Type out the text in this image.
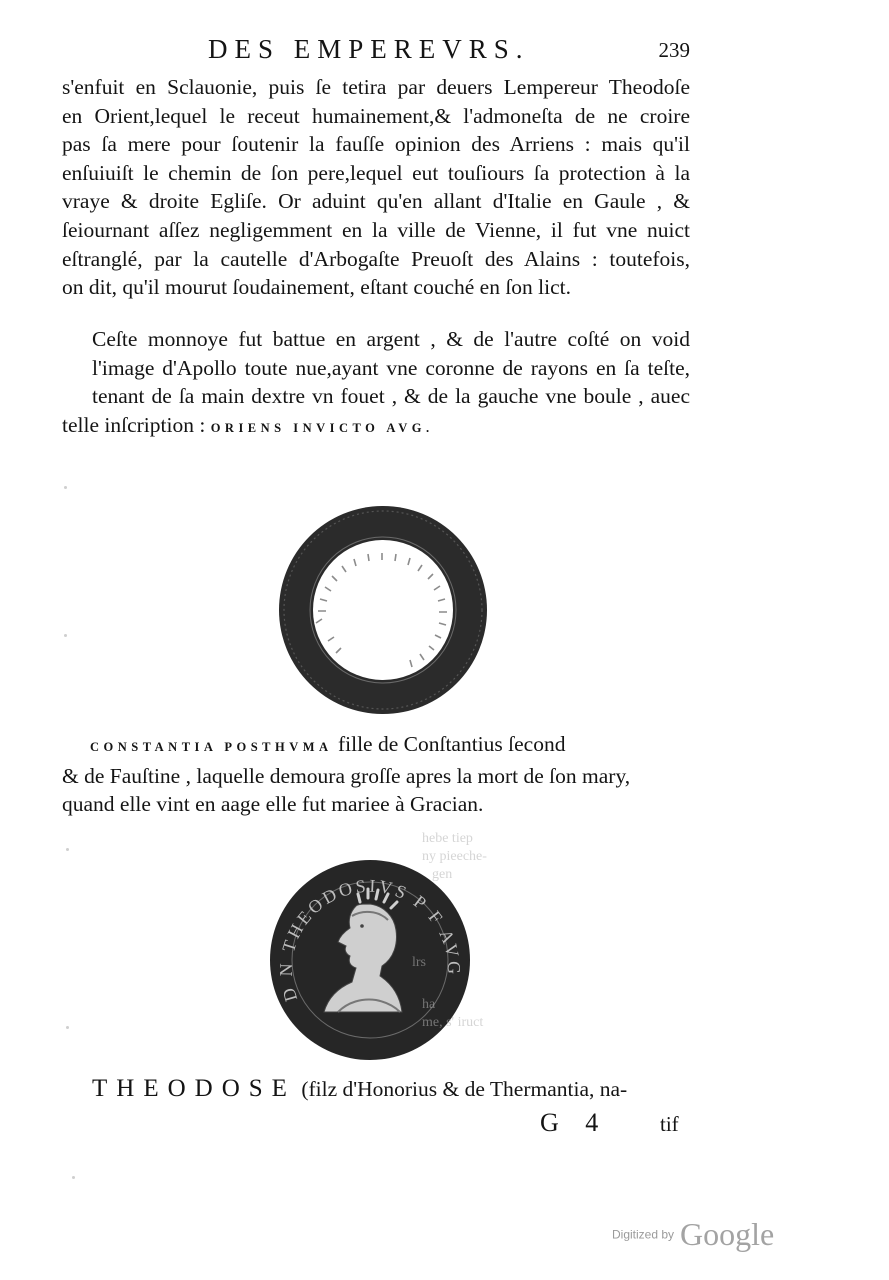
DES EMPEREVRS.	239
s'enfuit en Sclauonie, puis ſe tetira par deuers Lempereur Theodoſe
en Orient,lequel le receut humainement,& l'admoneſta de ne croire
pas ſa mere pour ſoutenir la fauſſe opinion des Arriens : mais qu'il
enſuiuiſt le chemin de ſon pere,lequel eut touſiours ſa protection à la
vraye & droite Egliſe. Or aduint qu'en allant d'Italie en Gaule , &
ſeiournant aſſez negligemment en la ville de Vienne, il fut vne nuict
eſtranglé, par la cautelle d'Arbogaſte Preuoſt des Alains : toutefois,
on dit, qu'il mourut ſoudainement, eſtant couché en ſon lict.
Ceſte monnoye fut battue en argent , & de l'autre coſté on void
l'image d'Apollo toute nue,ayant vne coronne de rayons en ſa teſte,
tenant de ſa main dextre vn fouet , & de la gauche vne boule , auec
telle inſcription : ORIENS INVICTO AVG.
D N THEODOSIVS P F AVG
hebe tiep
ny pieeche-
gen
lrs
ha
me, s' iruct
CONSTANTIA POSTHVMA fille de Conſtantius ſecond
& de Fauſtine , laquelle demoura groſſe apres la mort de ſon mary,
quand elle vint en aage elle fut mariee à Gracian.
THEODOSE (filz d'Honorius & de Thermantia, na-
G 4 tif
Digitized by Google
